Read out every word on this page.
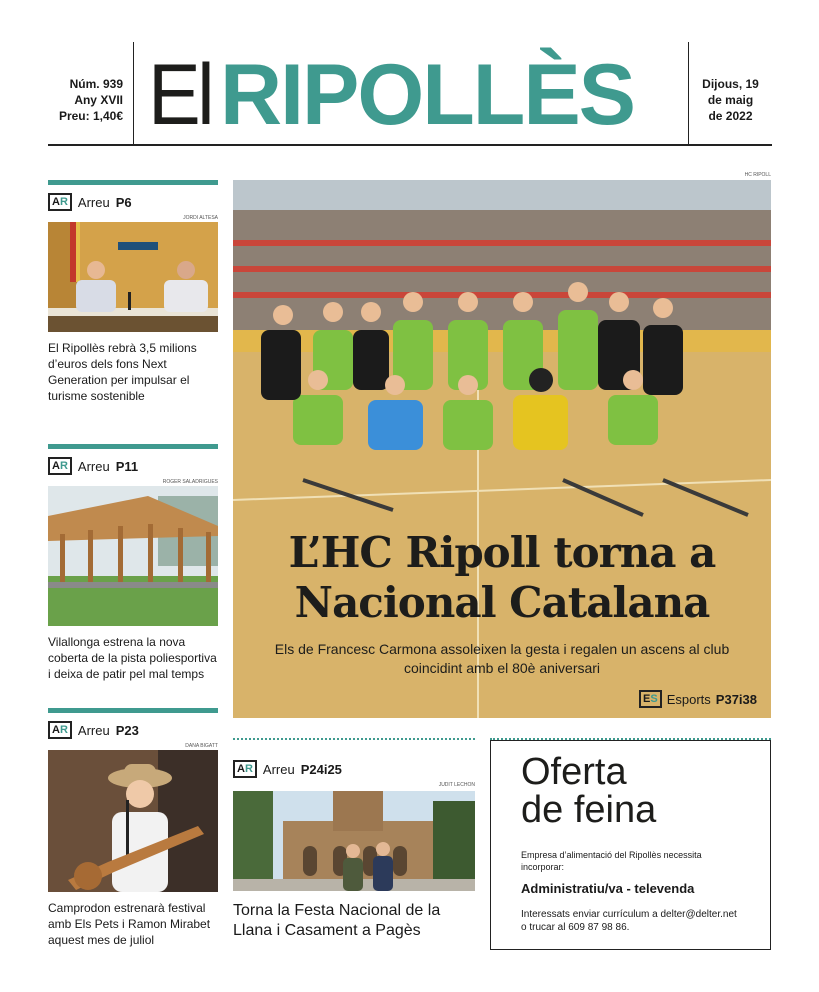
Núm. 939
Any XVII
Preu: 1,40€ El RIPOLLÈS	Dijous, 19
de maig
de 2022
AR Arreu P6
JORDI ALTESA
El Ripollès rebrà 3,5 milions d’euros dels fons Next Generation per impulsar el turisme sostenible
AR Arreu P11
ROGER SALADRIGUES
Vilallonga estrena la nova coberta de la pista poliesportiva i deixa de patir pel mal temps
AR Arreu P23
DANA BIGATT
Camprodon estrenarà festival amb Els Pets i Ramon Mirabet aquest mes de juliol
HC RIPOLL
L’HC Ripoll torna a
Nacional Catalana
Els de Francesc Carmona assoleixen la gesta i regalen un ascens al club coincidint amb el 80è aniversari
ES Esports P37i38
AR Arreu P24i25
JUDIT LECHON
Torna la Festa Nacional de la Llana i Casament a Pagès
Oferta
de feina
Empresa d’alimentació del Ripollès necessita incorporar:
Administratiu/va - televenda
Interessats enviar currículum a delter@delter.net o trucar al 609 87 98 86.
